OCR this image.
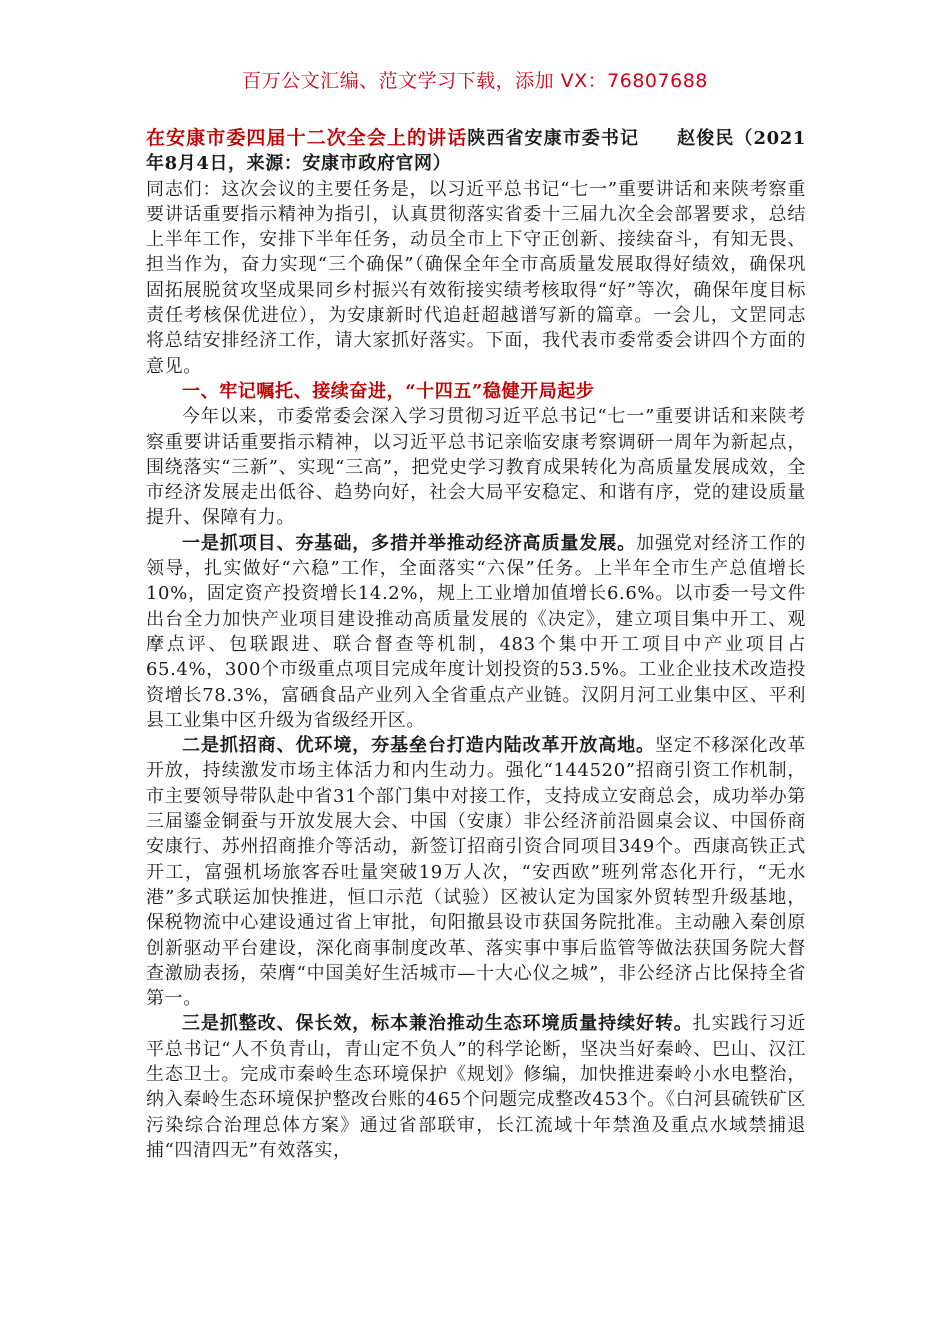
百万公文汇编、范文学习下载，添加 VX：76807688

在安康市委四届十二次全会上的讲话陕西省安康市委书记　　赵俊民（2021年8月4日，来源：安康市政府官网）

同志们：这次会议的主要任务是，以习近平总书记“七一”重要讲话和来陕考察重要讲话重要指示精神为指引，认真贯彻落实省委十三届九次全会部署要求，总结上半年工作，安排下半年任务，动员全市上下守正创新、接续奋斗，有知无畏、担当作为，奋力实现“三个确保”（确保全年全市高质量发展取得好绩效，确保巩固拓展脱贫攻坚成果同乡村振兴有效衔接实绩考核取得“好”等次，确保年度目标责任考核保优进位），为安康新时代追赶超越谱写新的篇章。一会儿，文罡同志将总结安排经济工作，请大家抓好落实。下面，我代表市委常委会讲四个方面的意见。

一、牢记嘱托、接续奋进，“十四五”稳健开局起步

今年以来，市委常委会深入学习贯彻习近平总书记“七一”重要讲话和来陕考察重要讲话重要指示精神，以习近平总书记亲临安康考察调研一周年为新起点，围绕落实“三新”、实现“三高”，把党史学习教育成果转化为高质量发展成效，全市经济发展走出低谷、趋势向好，社会大局平安稳定、和谐有序，党的建设质量提升、保障有力。

一是抓项目、夯基础，多措并举推动经济高质量发展。加强党对经济工作的领导，扎实做好“六稳”工作，全面落实“六保”任务。上半年全市生产总值增长10%，固定资产投资增长14.2%，规上工业增加值增长6.6%。以市委一号文件出台全力加快产业项目建设推动高质量发展的《决定》，建立项目集中开工、观摩点评、包联跟进、联合督查等机制，483个集中开工项目中产业项目占65.4%，300个市级重点项目完成年度计划投资的53.5%。工业企业技术改造投资增长78.3%，富硒食品产业列入全省重点产业链。汉阴月河工业集中区、平利县工业集中区升级为省级经开区。

二是抓招商、优环境，夯基垒台打造内陆改革开放高地。坚定不移深化改革开放，持续激发市场主体活力和内生动力。强化“144520”招商引资工作机制，市主要领导带队赴中省31个部门集中对接工作，支持成立安商总会，成功举办第三届鎏金铜蚕与开放发展大会、中国（安康）非公经济前沿圆桌会议、中国侨商安康行、苏州招商推介等活动，新签订招商引资合同项目349个。西康高铁正式开工，富强机场旅客吞吐量突破19万人次，“安西欧”班列常态化开行，“无水港”多式联运加快推进，恒口示范（试验）区被认定为国家外贸转型升级基地，保税物流中心建设通过省上审批，旬阳撤县设市获国务院批准。主动融入秦创原创新驱动平台建设，深化商事制度改革、落实事中事后监管等做法获国务院大督查激励表扬，荣膺“中国美好生活城市—十大心仪之城”，非公经济占比保持全省第一。

三是抓整改、保长效，标本兼治推动生态环境质量持续好转。扎实践行习近平总书记“人不负青山，青山定不负人”的科学论断，坚决当好秦岭、巴山、汉江生态卫士。完成市秦岭生态环境保护《规划》修编，加快推进秦岭小水电整治，纳入秦岭生态环境保护整改台账的465个问题完成整改453个。《白河县硫铁矿区污染综合治理总体方案》通过省部联审，长江流域十年禁渔及重点水域禁捕退捕“四清四无”有效落实，
